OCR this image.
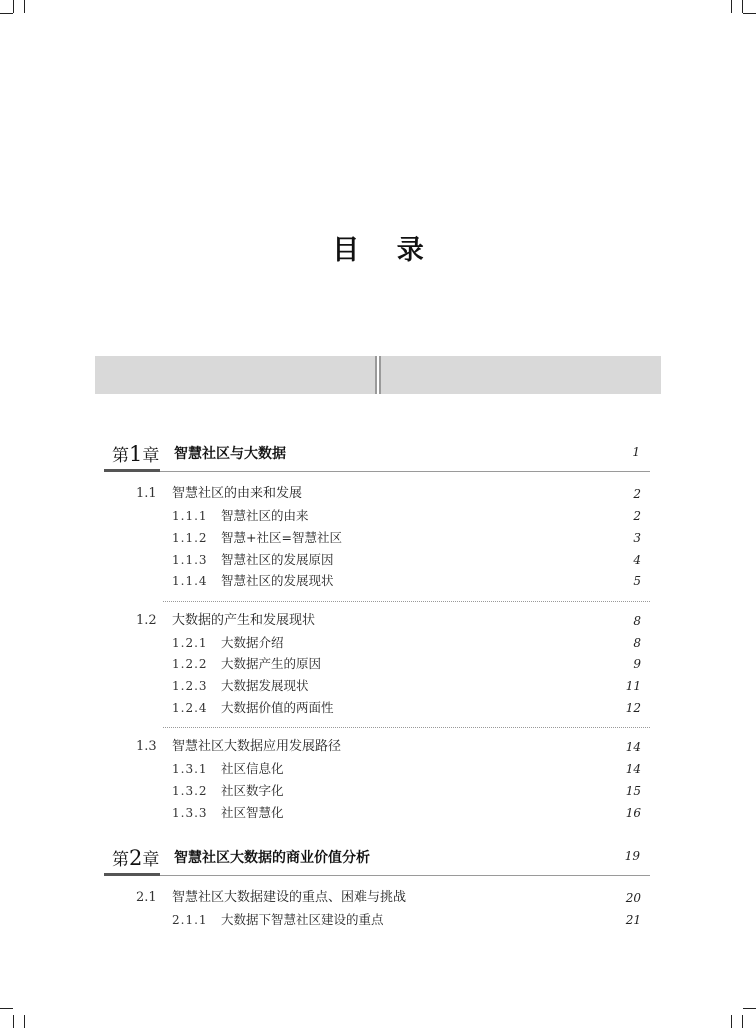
目 录
第1章 智慧社区与大数据	1
1.1 智慧社区的由来和发展	2
1.1.1 智慧社区的由来	2
1.1.2 智慧+社区=智慧社区	3
1.1.3 智慧社区的发展原因	4
1.1.4 智慧社区的发展现状	5
1.2 大数据的产生和发展现状	8
1.2.1 大数据介绍	8
1.2.2 大数据产生的原因	9
1.2.3 大数据发展现状	11
1.2.4 大数据价值的两面性	12
1.3 智慧社区大数据应用发展路径	14
1.3.1 社区信息化	14
1.3.2 社区数字化	15
1.3.3 社区智慧化	16
第2章 智慧社区大数据的商业价值分析	19
2.1 智慧社区大数据建设的重点、困难与挑战	20
2.1.1 大数据下智慧社区建设的重点	21
